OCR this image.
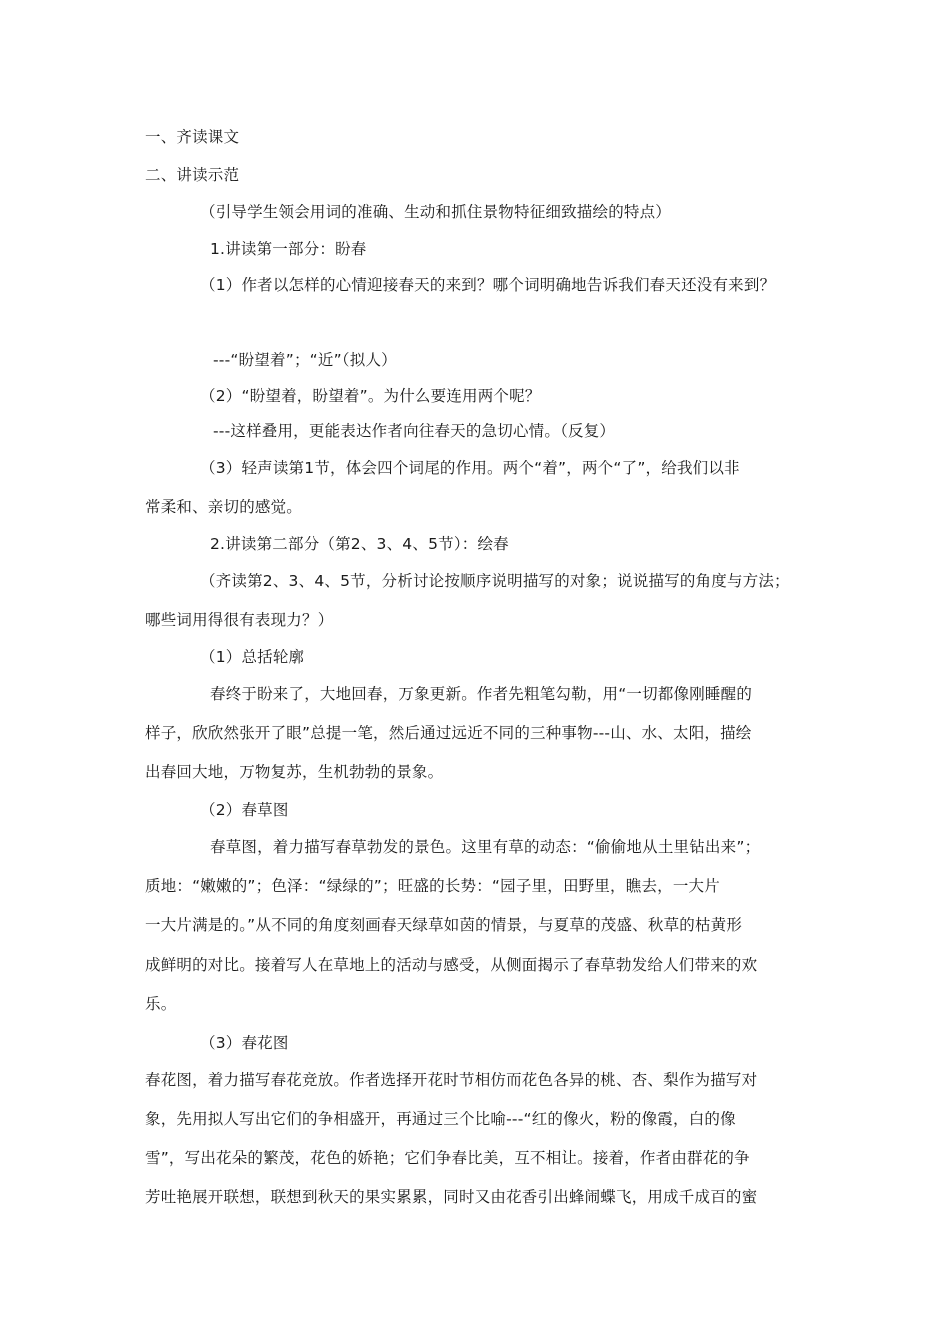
一、齐读课文
二、讲读示范
（引导学生领会用词的准确、生动和抓住景物特征细致描绘的特点）
1.讲读第一部分：盼春
（1）作者以怎样的心情迎接春天的来到？哪个词明确地告诉我们春天还没有来到？
---“盼望着”；“近”（拟人）
（2）“盼望着，盼望着”。为什么要连用两个呢？
---这样叠用，更能表达作者向往春天的急切心情。（反复）
（3）轻声读第1节，体会四个词尾的作用。两个“着”，两个“了”，给我们以非
常柔和、亲切的感觉。
2.讲读第二部分（第2、3、4、5节）：绘春
（齐读第2、3、4、5节，分析讨论按顺序说明描写的对象；说说描写的角度与方法；
哪些词用得很有表现力？）
（1）总括轮廓
春终于盼来了，大地回春，万象更新。作者先粗笔勾勒，用“一切都像刚睡醒的
样子，欣欣然张开了眼”总提一笔，然后通过远近不同的三种事物---山、水、太阳，描绘
出春回大地，万物复苏，生机勃勃的景象。
（2）春草图
春草图，着力描写春草勃发的景色。这里有草的动态：“偷偷地从土里钻出来”；
质地：“嫩嫩的”；色泽：“绿绿的”；旺盛的长势：“园子里，田野里，瞧去，一大片
一大片满是的。”从不同的角度刻画春天绿草如茵的情景，与夏草的茂盛、秋草的枯黄形
成鲜明的对比。接着写人在草地上的活动与感受，从侧面揭示了春草勃发给人们带来的欢
乐。
（3）春花图
春花图，着力描写春花竞放。作者选择开花时节相仿而花色各异的桃、杏、梨作为描写对
象，先用拟人写出它们的争相盛开，再通过三个比喻---“红的像火，粉的像霞，白的像
雪”，写出花朵的繁茂，花色的娇艳；它们争春比美，互不相让。接着，作者由群花的争
芳吐艳展开联想，联想到秋天的果实累累，同时又由花香引出蜂闹蝶飞，用成千成百的蜜
